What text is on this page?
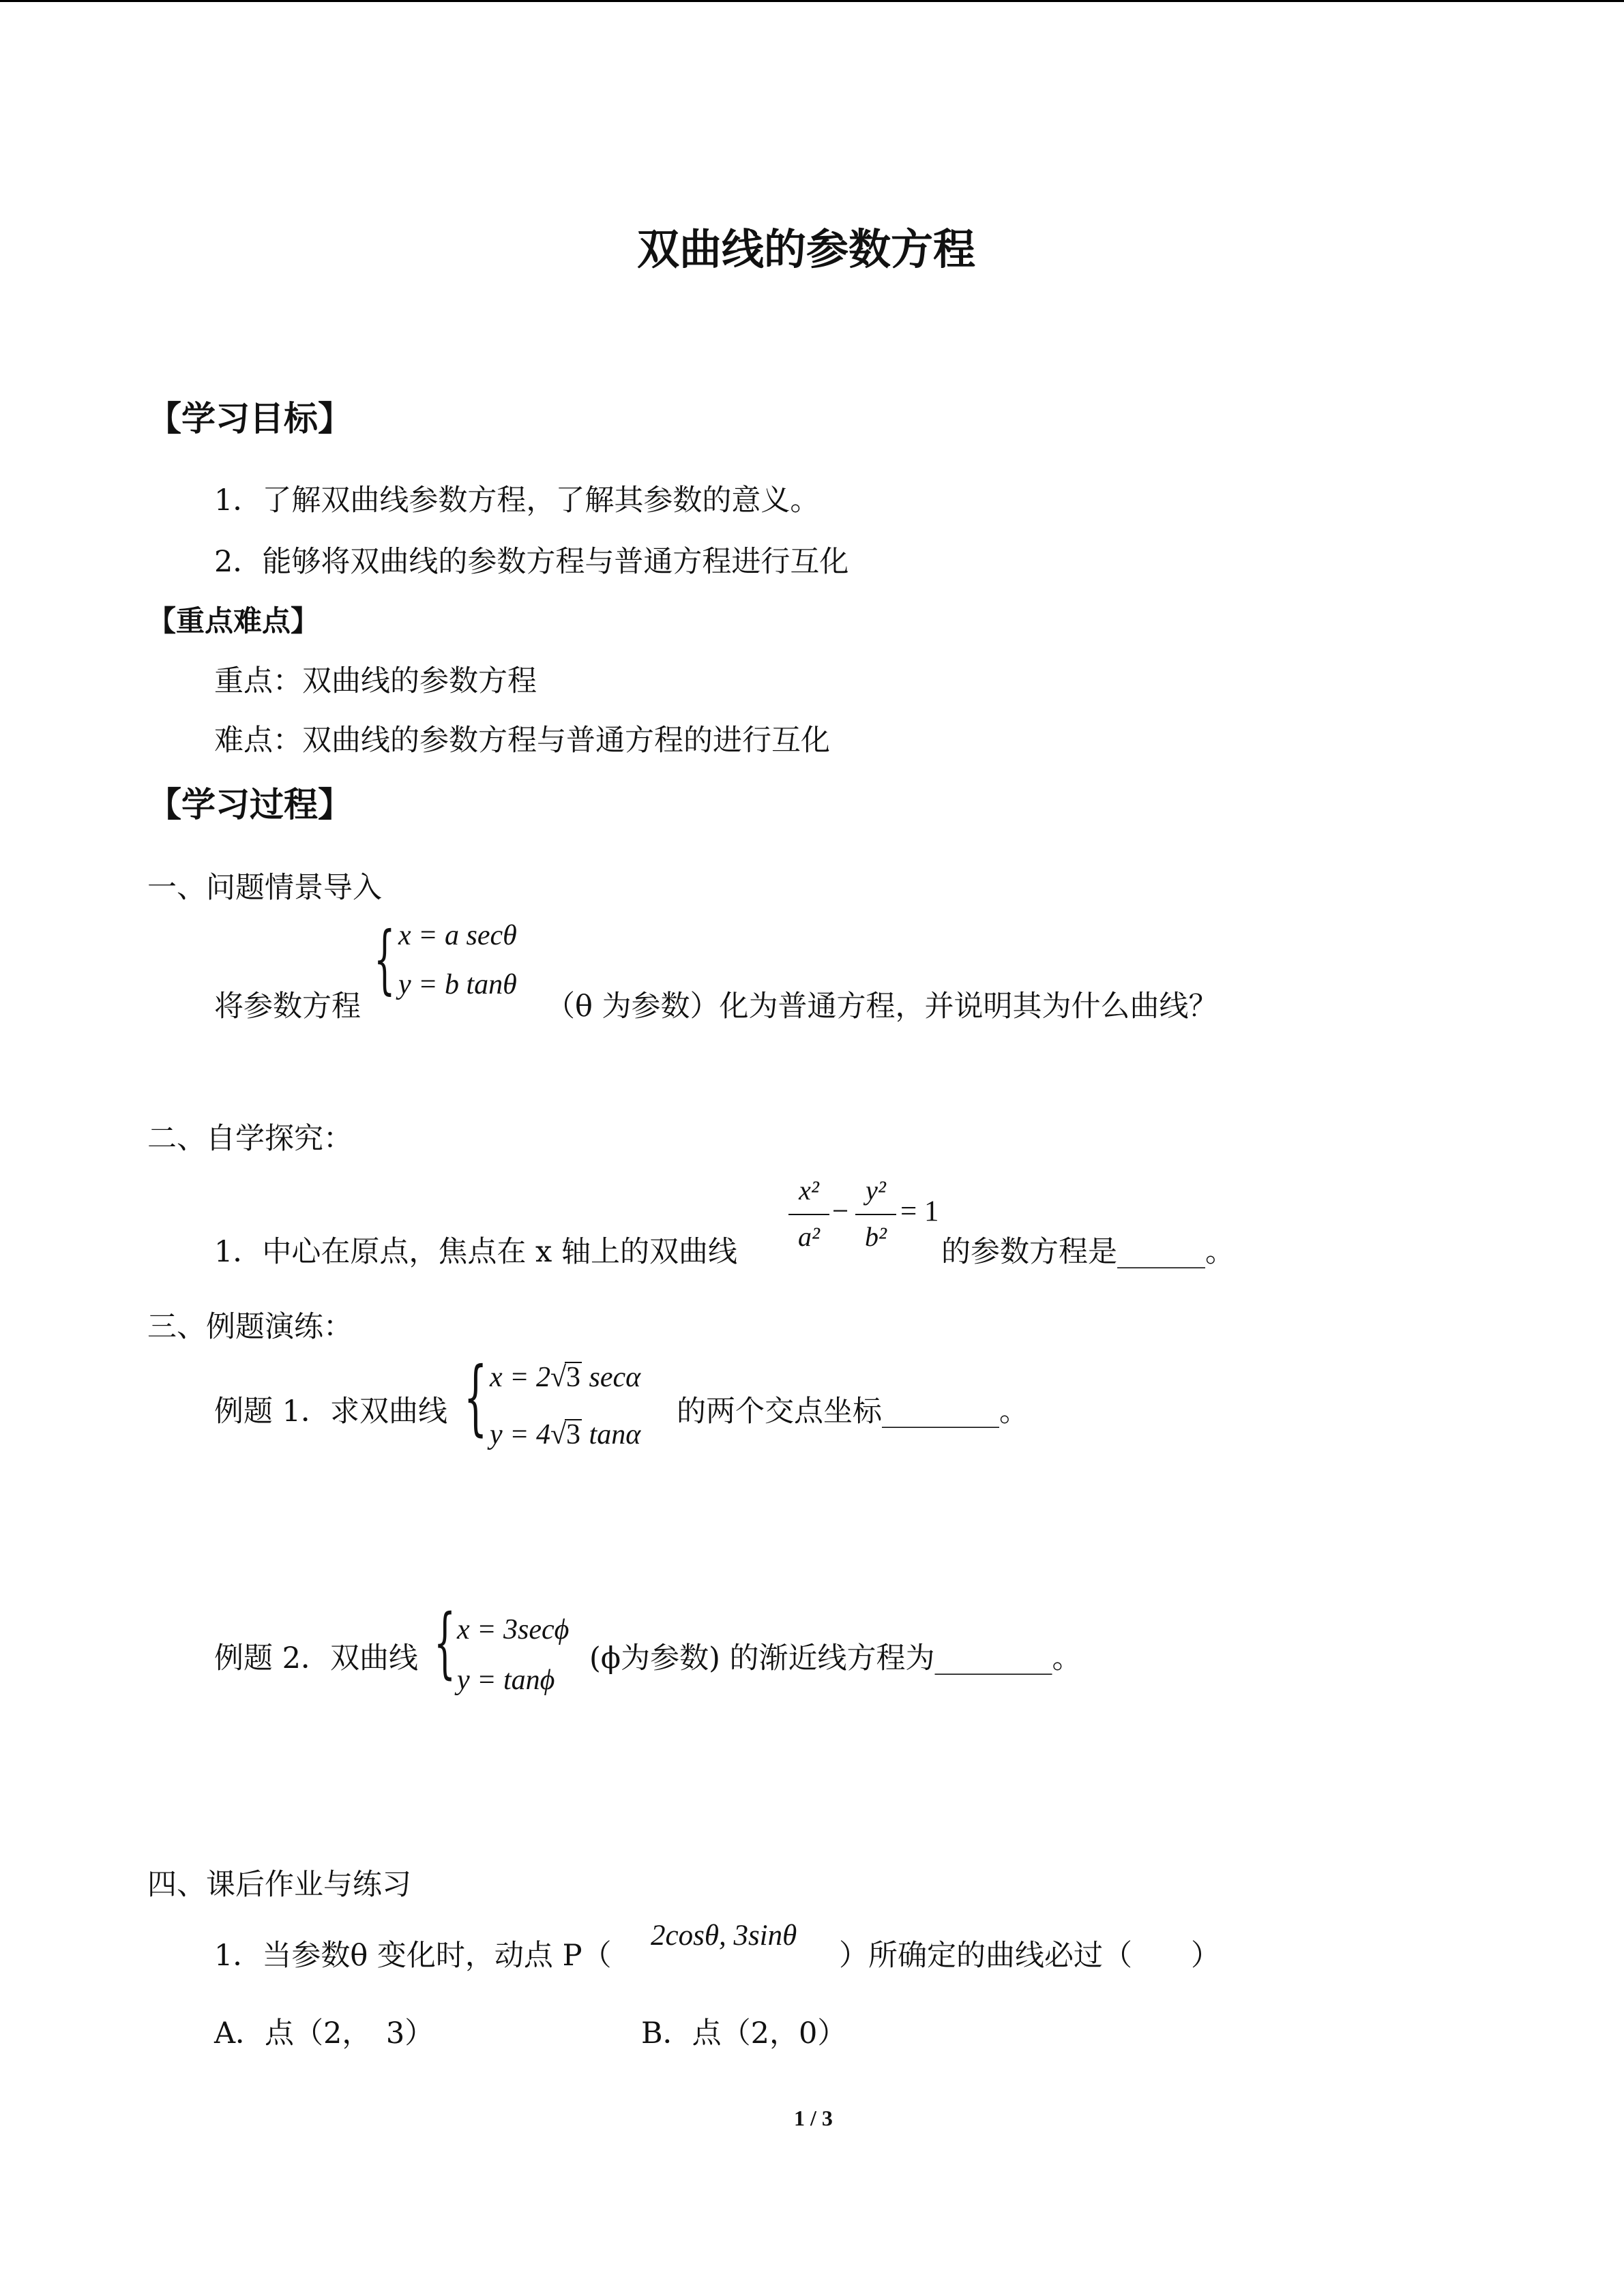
双曲线的参数方程
【学习目标】
1．了解双曲线参数方程，了解其参数的意义。
2．能够将双曲线的参数方程与普通方程进行互化
【重点难点】
重点：双曲线的参数方程
难点：双曲线的参数方程与普通方程的进行互化
【学习过程】
一、问题情景导入
将参数方程
{ x = a secθ
y = b tanθ
（θ 为参数）化为普通方程，并说明其为什么曲线？
二、自学探究：
1．中心在原点，焦点在 x 轴上的双曲线
x²
a²
−
y²
b²
= 1
的参数方程是______。
三、例题演练：
例题 1．求双曲线 { x = 2√3 secα
y = 4√3 tanα
的两个交点坐标________。
例题 2．双曲线 { x = 3secϕ
y = tanϕ
(ϕ为参数) 的渐近线方程为________。
四、课后作业与练习
1．当参数θ 变化时，动点 P（
2cosθ, 3sinθ
）所确定的曲线必过（　　）
A．点（2，　3）	B．点（2，0）
1 / 3
